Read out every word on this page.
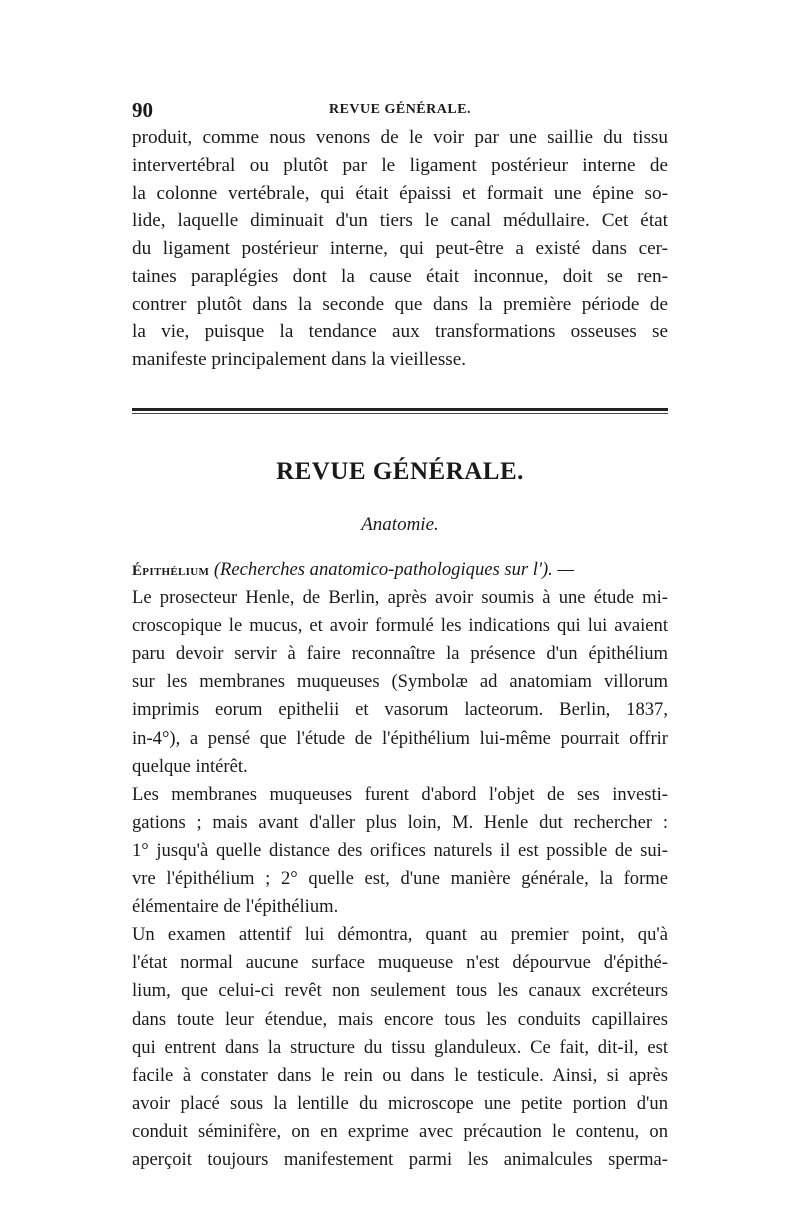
90	REVUE GÉNÉRALE.
produit, comme nous venons de le voir par une saillie du tissu
intervertébral ou plutôt par le ligament postérieur interne de
la colonne vertébrale, qui était épaissi et formait une épine so-
lide, laquelle diminuait d'un tiers le canal médullaire. Cet état
du ligament postérieur interne, qui peut-être a existé dans cer-
taines paraplégies dont la cause était inconnue, doit se ren-
contrer plutôt dans la seconde que dans la première période de
la vie, puisque la tendance aux transformations osseuses se
manifeste principalement dans la vieillesse.
REVUE GÉNÉRALE.
Anatomie.
Épithélium (Recherches anatomico-pathologiques sur l'). —
Le prosecteur Henle, de Berlin, après avoir soumis à une étude mi-
croscopique le mucus, et avoir formulé les indications qui lui avaient
paru devoir servir à faire reconnaître la présence d'un épithélium
sur les membranes muqueuses (Symbolæ ad anatomiam villorum
imprimis eorum epithelii et vasorum lacteorum. Berlin, 1837,
in-4°), a pensé que l'étude de l'épithélium lui-même pourrait offrir
quelque intérêt.
Les membranes muqueuses furent d'abord l'objet de ses investi-
gations ; mais avant d'aller plus loin, M. Henle dut rechercher :
1° jusqu'à quelle distance des orifices naturels il est possible de sui-
vre l'épithélium ; 2° quelle est, d'une manière générale, la forme
élémentaire de l'épithélium.
Un examen attentif lui démontra, quant au premier point, qu'à
l'état normal aucune surface muqueuse n'est dépourvue d'épithé-
lium, que celui-ci revêt non seulement tous les canaux excréteurs
dans toute leur étendue, mais encore tous les conduits capillaires
qui entrent dans la structure du tissu glanduleux. Ce fait, dit-il, est
facile à constater dans le rein ou dans le testicule. Ainsi, si après
avoir placé sous la lentille du microscope une petite portion d'un
conduit séminifère, on en exprime avec précaution le contenu, on
aperçoit toujours manifestement parmi les animalcules sperma-
